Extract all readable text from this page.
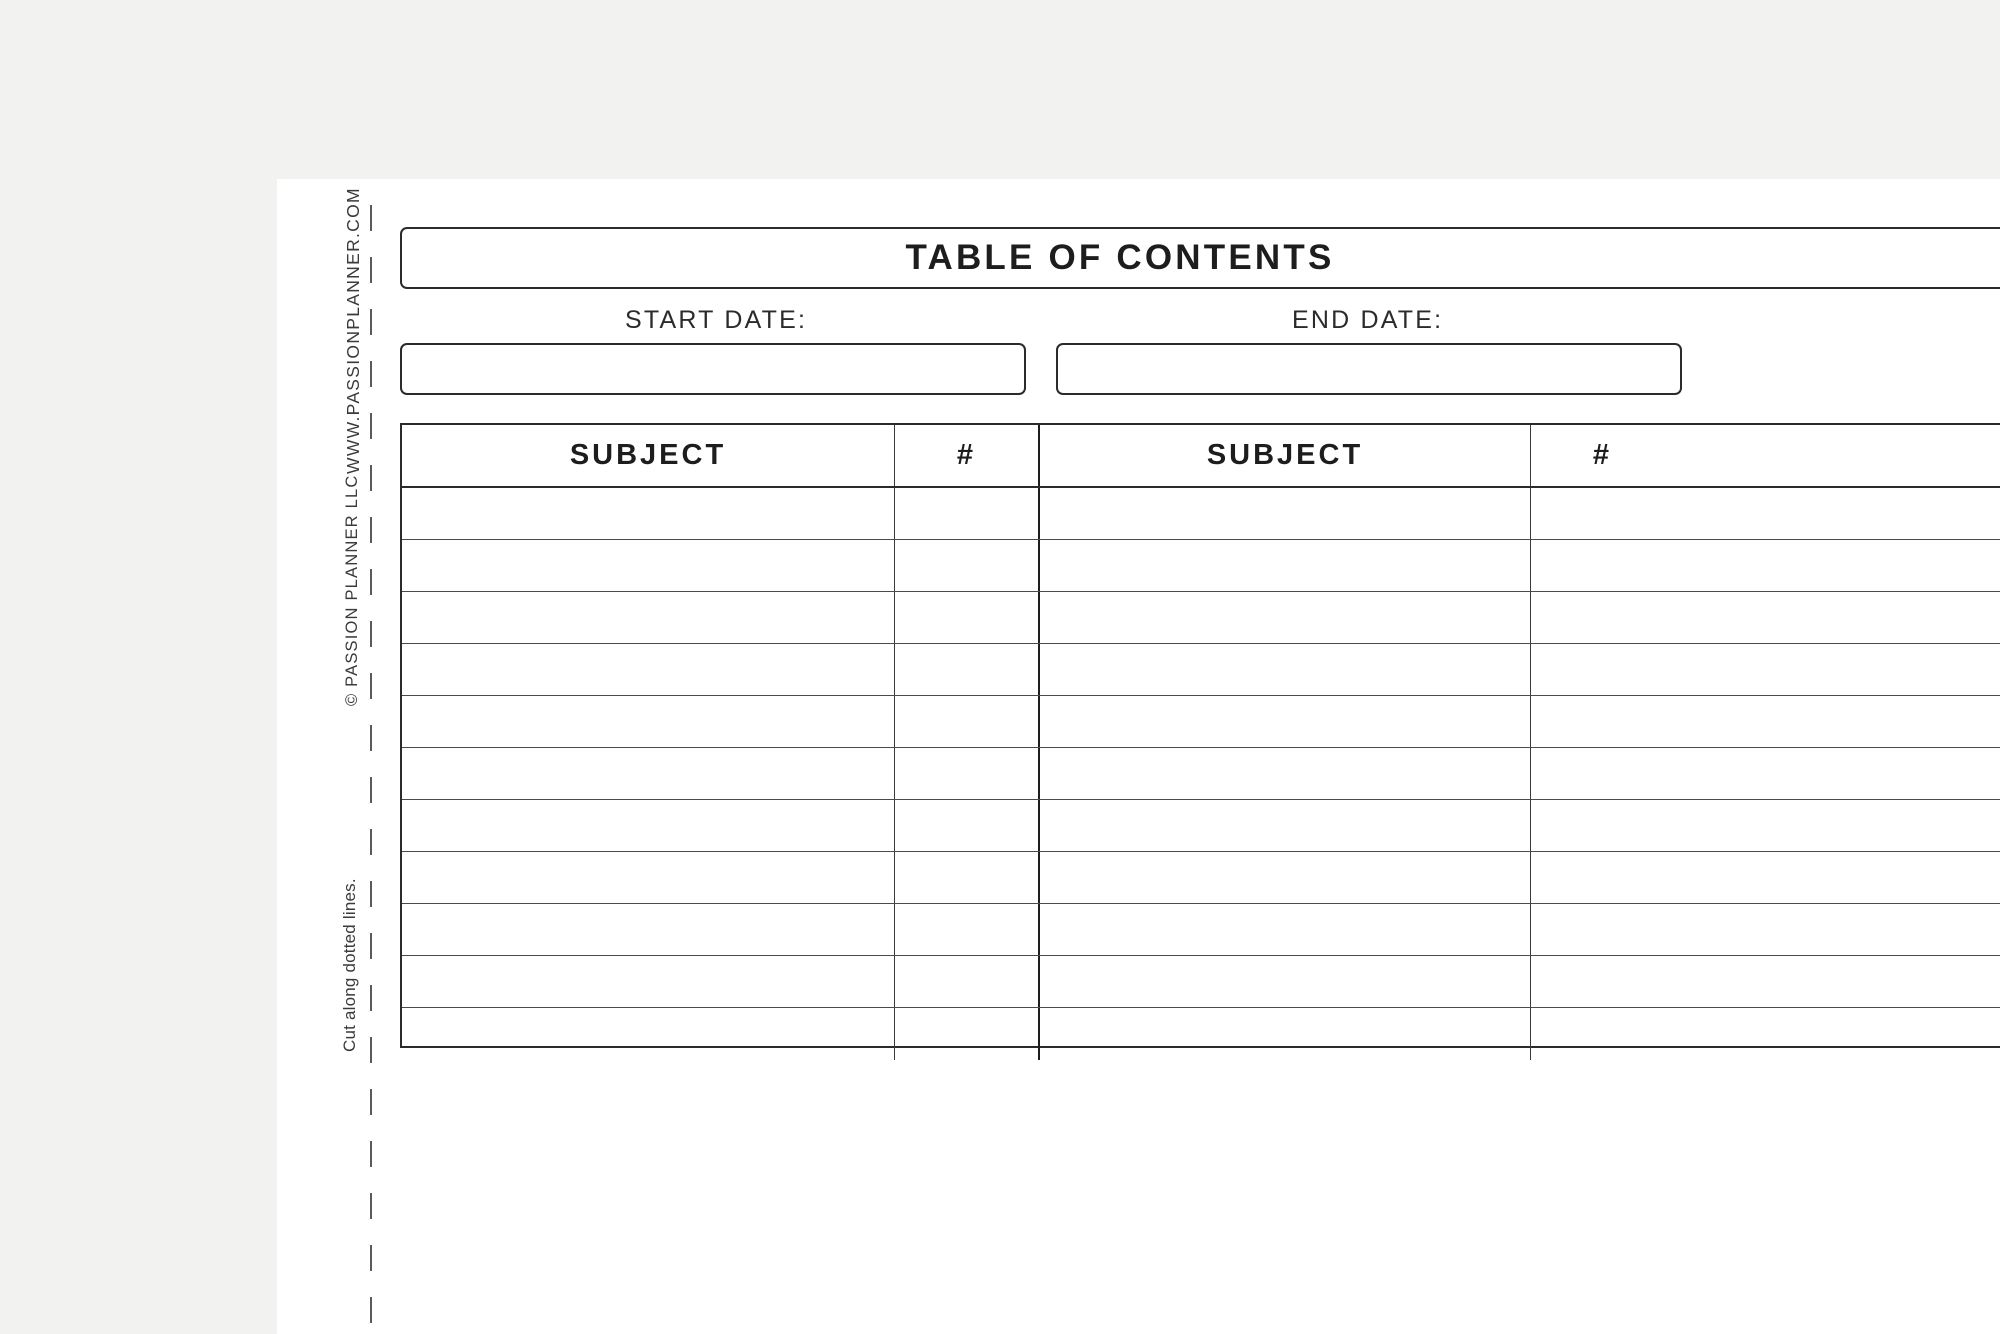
WWW.PASSIONPLANNER.COM
© PASSION PLANNER LLC
Cut along dotted lines.
TABLE OF CONTENTS
START DATE:	END DATE:
SUBJECT	#	SUBJECT	#
